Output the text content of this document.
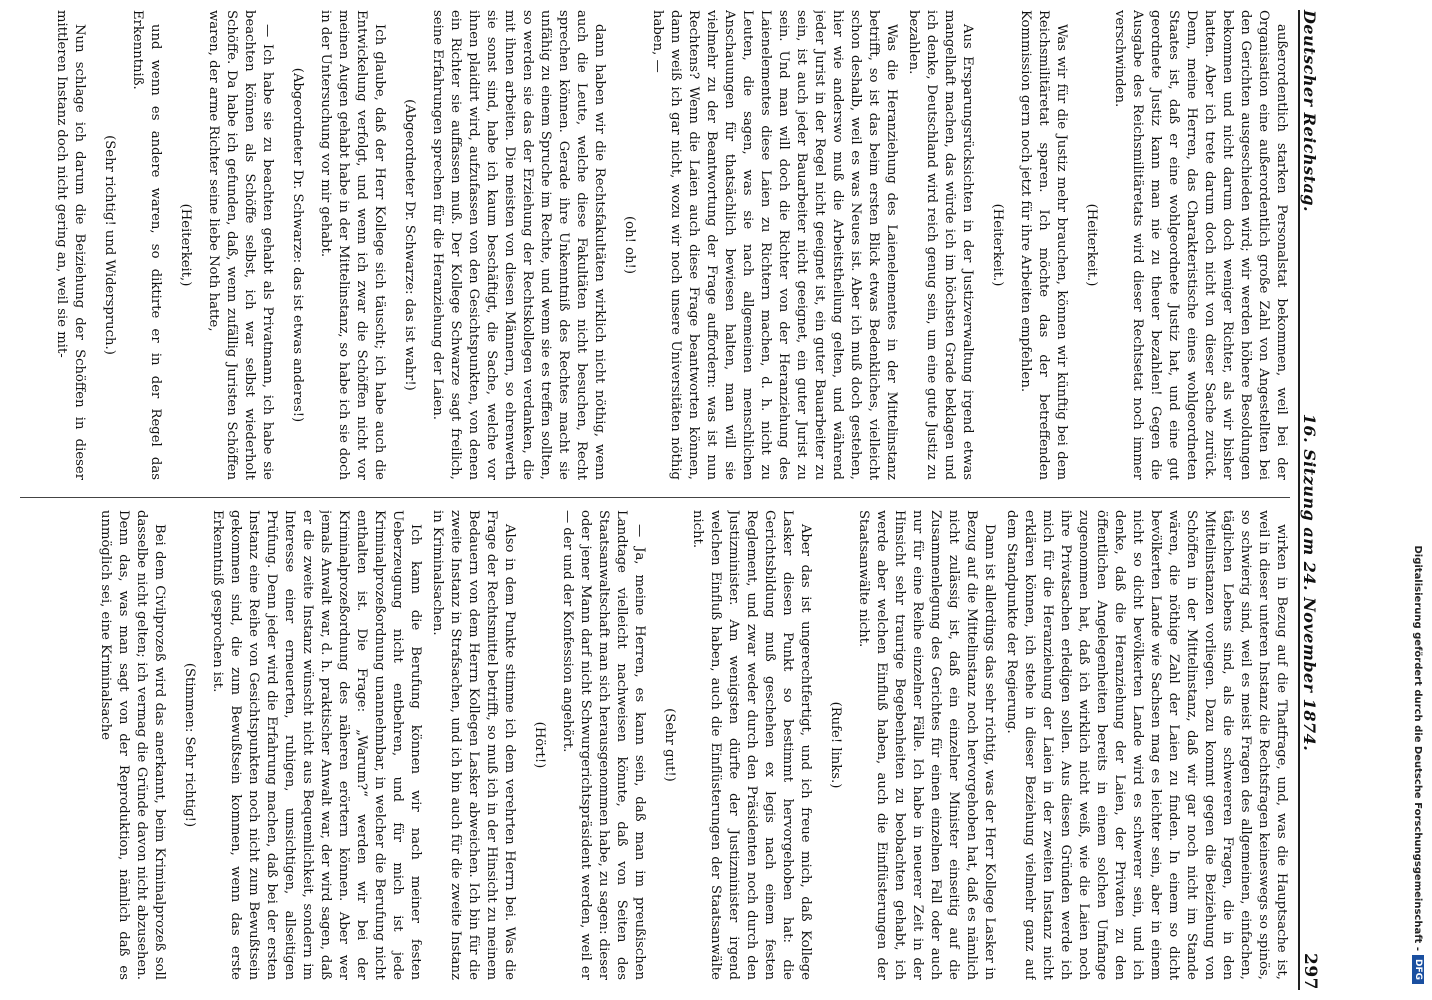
Deutscher Reichstag.
16. Sitzung am 24. November 1874.
297

außerordentlich starken Personalstat bekommen, weil bei der Organisation eine außerordentlich große Zahl von Angestellten bei den Gerichten ausgeschieden wird; wir werden höhere Besoldungen bekommen und nicht darum doch weniger Richter, als wir bisher hatten. Aber ich trete darum doch nicht von dieser Sache zurück. Denn, meine Herren, das Charakteristische eines wohlgeordneten Staates ist, daß er eine wohlgeordnete Justiz hat, und eine gut geordnete Justiz kann man nie zu theuer bezahlen! Gegen die Ausgabe des Reichsmilitäretats wird dieser Rechtsetat noch immer verschwinden.

(Heiterkeit.)

Was wir für die Justiz mehr brauchen, können wir künftig bei dem Reichsmilitäretat sparen. Ich möchte das der betreffenden Kommission gern noch jetzt für ihre Arbeiten empfehlen.

(Heiterkeit.)

Aus Ersparungsrücksichten in der Justizverwaltung irgend etwas mangelhaft machen, das würde ich im höchsten Grade beklagen und ich denke, Deutschland wird reich genug sein, um eine gute Justiz zu bezahlen.

Was die Heranziehung des Laienelementes in der Mittelinstanz betrifft, so ist das beim ersten Blick etwas Bedenkliches, vielleicht schon deshalb, weil es was Neues ist. Aber ich muß doch gestehen, hier wie anderswo muß die Arbeitstheilung gelten, und während jeder Jurist in der Regel nicht geeignet ist, ein guter Bauarbeiter zu sein, ist auch jeder Bauarbeiter nicht geeignet, ein guter Jurist zu sein. Und man will doch die Richter von der Heranziehung des Laienelementes diese Laien zu Richtern machen, d. h. nicht zu Leuten, die sagen, was sie nach allgemeinen menschlichen Anschauungen für thatsächlich bewiesen halten, man will sie vielmehr zu der Beantwortung der Frage auffordern: was ist nun Rechtens? Wenn die Laien auch diese Frage beantworten können, dann weiß ich gar nicht, wozu wir noch unsere Universitäten nöthig haben, —

(oh! oh!)

dann haben wir die Rechtsfakultäten wirklich nicht nöthig, wenn auch die Leute, welche diese Fakultäten nicht besuchen, Recht sprechen können. Gerade ihre Unkenntniß des Rechtes macht sie unfähig zu einem Spruche im Rechte, und wenn sie es treffen sollten, so werden sie das der Erziehung der Rechtskollegen verdanken, die mit ihnen arbeiten. Die meisten von diesen Männern, so ehrenwerth sie sonst sind, habe ich kaum beschäftigt, die Sache, welche vor ihnen plaidirt wird, aufzufassen von den Gesichtspunkten, von denen ein Richter sie auffassen muß. Der Kollege Schwarze sagt freilich, seine Erfahrungen sprechen für die Heranziehung der Laien.

(Abgeordneter Dr. Schwarze: das ist wahr!)

Ich glaube, daß der Herr Kollege sich täuscht; ich habe auch die Entwickelung verfolgt, und wenn ich zwar die Schöffen nicht vor meinen Augen gehabt habe in der Mittelinstanz, so habe ich sie doch in der Untersuchung vor mir gehabt.

(Abgeordneter Dr. Schwarze: das ist etwas anderes!)

— Ich habe sie zu beachten gehabt als Privatmann, ich habe sie beachten können als Schöffe selbst, ich war selbst wiederholt Schöffe. Da habe ich gefunden, daß, wenn zufällig Juristen Schöffen waren, der arme Richter seine liebe Noth hatte,

(Heiterkeit,)

und wenn es andere waren, so diktirte er in der Regel das Erkenntniß.

(Sehr richtig! und Widerspruch.)

Nun schlage ich darum die Beiziehung der Schöffen in dieser mittleren Instanz doch nicht gering an, weil sie mit-

wirken in Bezug auf die Thatfrage, und, was die Hauptsache ist, weil in dieser unteren Instanz die Rechtsfragen keineswegs so spinös, so schwierig sind, weil es meist Fragen des allgemeinen, einfachen, täglichen Lebens sind, als die schwereren Fragen, die in den Mittelinstanzen vorliegen. Dazu kommt gegen die Beiziehung von Schöffen in der Mittelinstanz, daß wir gar noch nicht im Stande wären, die nöthige Zahl der Laien zu finden. In einem so dicht bevölkerten Lande wie Sachsen mag es leichter sein, aber in einem nicht so dicht bevölkerten Lande wird es schwerer sein, und ich denke, daß die Heranziehung der Laien, der Privaten zu den öffentlichen Angelegenheiten bereits in einem solchen Umfange zugenommen hat, daß ich wirklich nicht weiß, wie die Laien noch ihre Privatsachen erledigen sollen. Aus diesen Gründen werde ich mich für die Heranziehung der Laien in der zweiten Instanz nicht erklären können, ich stehe in dieser Beziehung vielmehr ganz auf dem Standpunkte der Regierung.

Dann ist allerdings das sehr richtig, was der Herr Kollege Lasker in Bezug auf die Mittelinstanz noch hervorgehoben hat, daß es nämlich nicht zulässig ist, daß ein einzelner Minister einseitig auf die Zusammenlegung des Gerichtes für einen einzelnen Fall oder auch nur für eine Reihe einzelner Fälle. Ich habe in neuerer Zeit in der Hinsicht sehr traurige Begebenheiten zu beobachten gehabt, ich werde aber welchen Einfluß haben, auch die Einflüsterungen der Staatsanwälte nicht.

(Rufe! links.)

Aber das ist ungerechtfertigt, und ich freue mich, daß Kollege Lasker diesen Punkt so bestimmt hervorgehoben hat: die Gerichtsbildung muß geschehen ex legis nach einem festen Reglement, und zwar weder durch den Präsidenten noch durch den Justizminister. Am wenigsten dürfte der Justizminister irgend welchen Einfluß haben, auch die Einflüsterungen der Staatsanwälte nicht.

(Sehr gut!)

— Ja, meine Herren, es kann sein, daß man im preußischen Landtage vielleicht nachweisen könnte, daß von Seiten des Staatsanwaltschaft man sich herausgenommen habe, zu sagen: dieser oder jener Mann darf nicht Schwurgerichtspräsident werden, weil er — der und der Konfession angehört.

(Hört!)

Also in dem Punkte stimme ich dem verehrten Herrn bei. Was die Frage der Rechtsmittel betrifft, so muß ich in der Hinsicht zu meinem Bedauern von dem Herrn Kollegen Lasker abweichen. Ich bin für die zweite Instanz in Strafsachen, und ich bin auch für die zweite Instanz in Kriminalsachen.

Ich kann die Berufung können wir nach meiner festen Ueberzeugung nicht entbehren, und für mich ist jede Kriminalprozeßordnung unannehmbar, in welcher die Berufung nicht enthalten ist. Die Frage: „Warum?“ werden wir bei der Kriminalprozeßordnung des näheren erörtern können. Aber wer jemals Anwalt war, d. h. praktischer Anwalt war, der wird sagen, daß er die zweite Instanz wünscht nicht aus Bequemlichkeit, sondern im Interesse einer erneuerten, ruhigen, umsichtigen, allseitigen Prüfung. Denn jeder wird die Erfahrung machen, daß bei der ersten Instanz eine Reihe von Gesichtspunkten noch nicht zum Bewußtsein gekommen sind, die zum Bewußtsein kommen, wenn das erste Erkenntniß gesprochen ist.

(Stimmen: Sehr richtig!)

Bei dem Civilprozeß wird das anerkannt, beim Kriminalprozeß soll dasselbe nicht gelten; ich vermag die Gründe davon nicht abzusehen. Denn das, was man sagt von der Reproduktion, nämlich daß es unmöglich sei, eine Kriminalsache	Digitalisierung gefördert durch die Deutsche Forschungsgemeinschaft -
DFG
